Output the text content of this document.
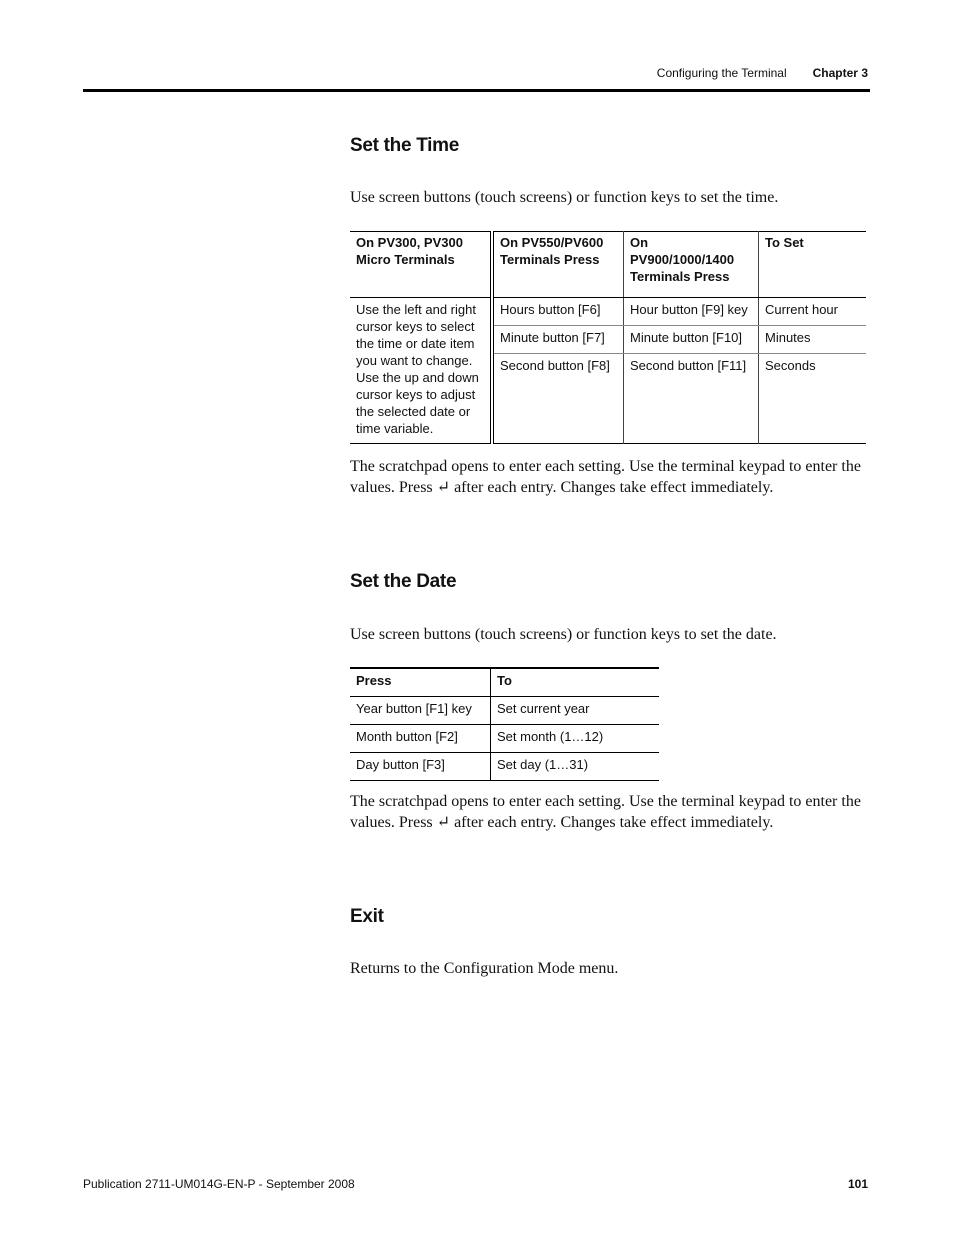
Configuring the Terminal Chapter 3
Set the Time

Use screen buttons (touch screens) or function keys to set the time.

On PV300, PV300 Micro Terminals	On PV550/PV600 Terminals Press	On PV900/1000/1400 Terminals Press	To Set
Use the left and right cursor keys to select the time or date item you want to change. Use the up and down cursor keys to adjust the selected date or time variable.	Hours button [F6]	Hour button [F9] key	Current hour
	Minute button [F7]	Minute button [F10]	Minutes
	Second button [F8]	Second button [F11]	Seconds

The scratchpad opens to enter each setting. Use the terminal keypad to enter the values. Press ↵ after each entry. Changes take effect immediately.

Set the Date

Use screen buttons (touch screens) or function keys to set the date.

Press	To
Year button [F1] key	Set current year
Month button [F2]	Set month (1…12)
Day button [F3]	Set day (1…31)

The scratchpad opens to enter each setting. Use the terminal keypad to enter the values. Press ↵ after each entry. Changes take effect immediately.

Exit

Returns to the Configuration Mode menu.

Publication 2711-UM014G-EN-P - September 2008	101
